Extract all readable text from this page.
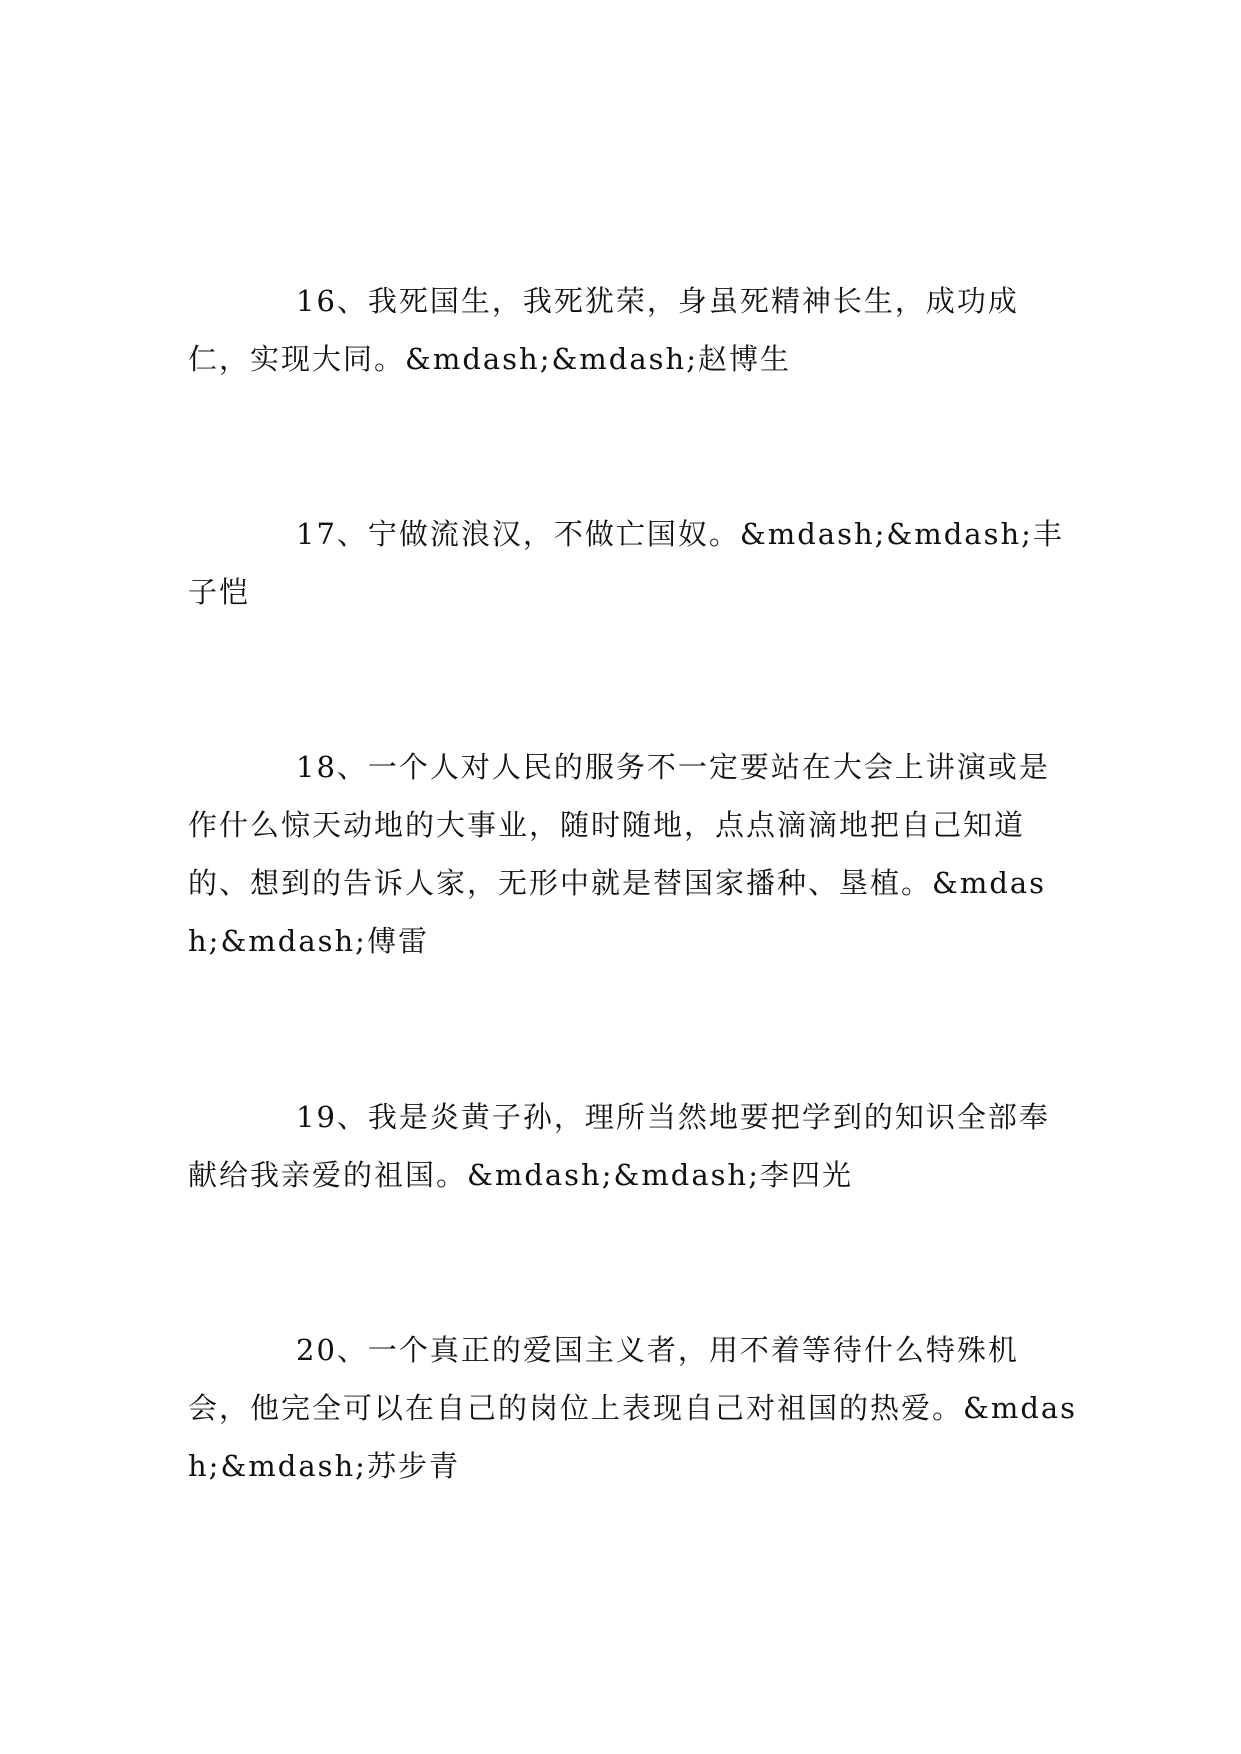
16、我死国生，我死犹荣，身虽死精神长生，成功成仁，实现大同。&mdash;&mdash;赵博生

17、宁做流浪汉，不做亡国奴。&mdash;&mdash;丰子恺

18、一个人对人民的服务不一定要站在大会上讲演或是作什么惊天动地的大事业，随时随地，点点滴滴地把自己知道的、想到的告诉人家，无形中就是替国家播种、垦植。&mdash;&mdash;傅雷

19、我是炎黄子孙，理所当然地要把学到的知识全部奉献给我亲爱的祖国。&mdash;&mdash;李四光

20、一个真正的爱国主义者，用不着等待什么特殊机会，他完全可以在自己的岗位上表现自己对祖国的热爱。&mdash;&mdash;苏步青
